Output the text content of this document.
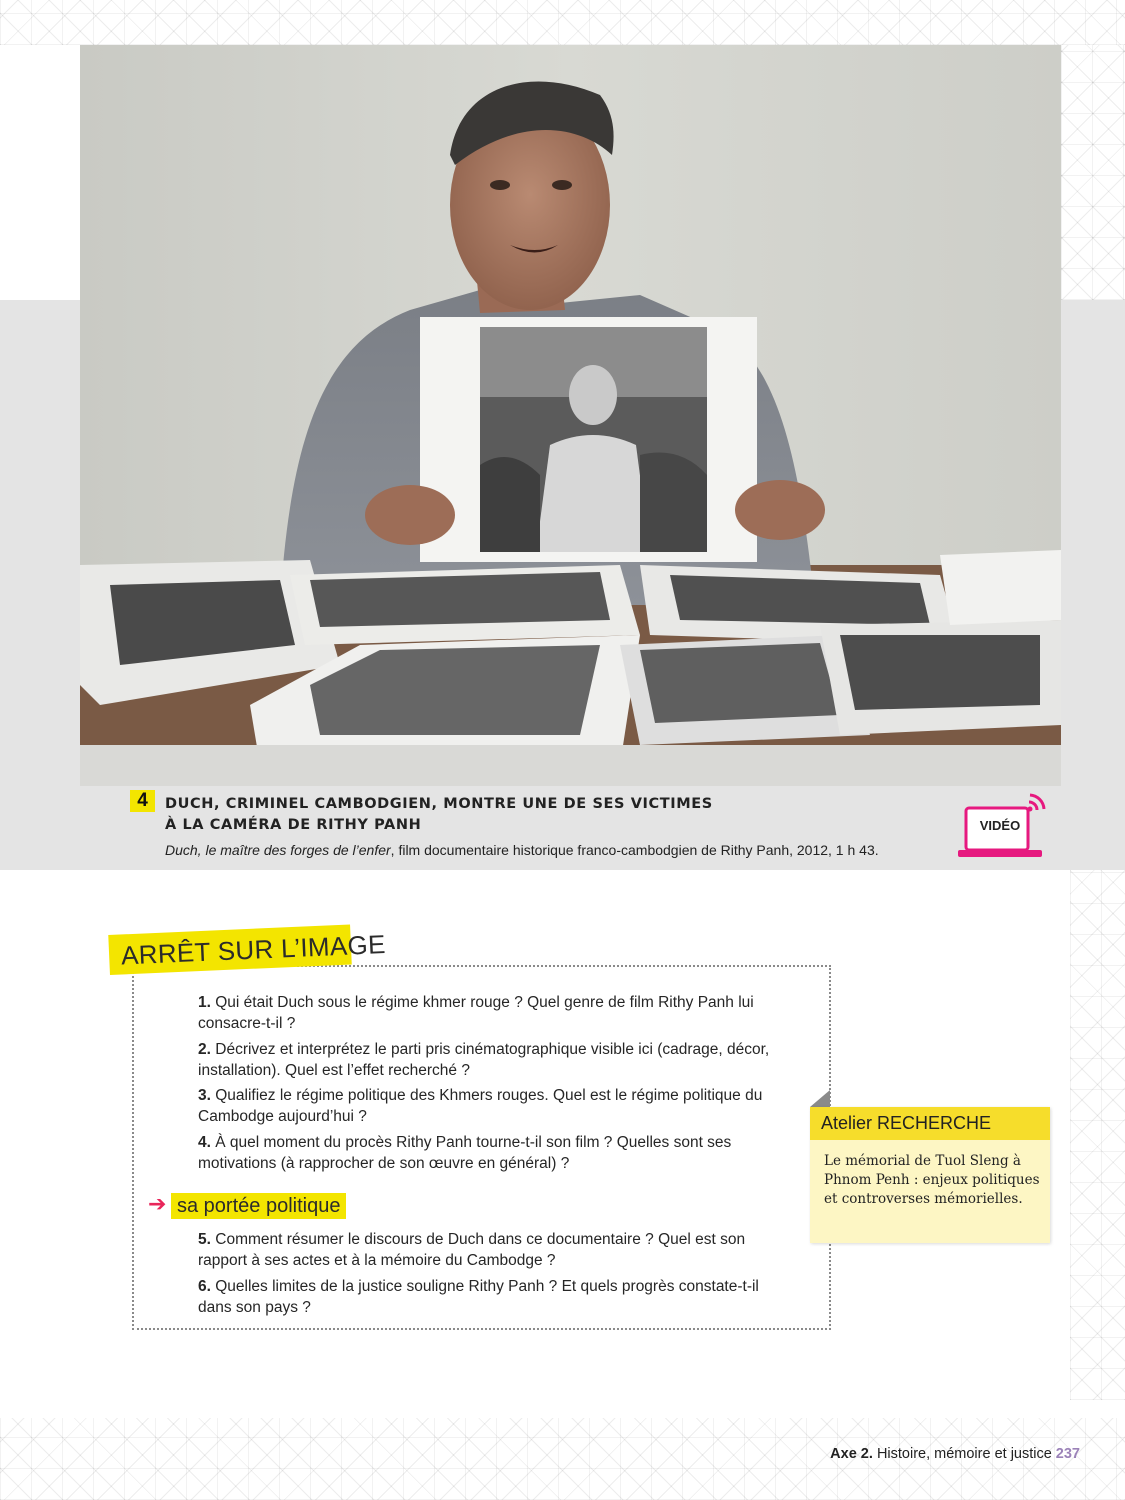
4	DUCH, CRIMINEL CAMBODGIEN, MONTRE UNE DE SES VICTIMES
À LA CAMÉRA DE RITHY PANH
Duch, le maître des forges de l’enfer, film documentaire historique franco-cambodgien de Rithy Panh, 2012, 1 h 43.
VIDÉO
ARRÊT SUR L’IMAGE
1. Qui était Duch sous le régime khmer rouge ? Quel genre de film Rithy Panh lui consacre-t-il ?
2. Décrivez et interprétez le parti pris cinématographique visible ici (cadrage, décor, installation). Quel est l’effet recherché ?
3. Qualifiez le régime politique des Khmers rouges. Quel est le régime politique du Cambodge aujourd’hui ?
4. À quel moment du procès Rithy Panh tourne-t-il son film ? Quelles sont ses motivations (à rapprocher de son œuvre en général) ?
➔ sa portée politique
5. Comment résumer le discours de Duch dans ce documentaire ? Quel est son rapport à ses actes et à la mémoire du Cambodge ?
6. Quelles limites de la justice souligne Rithy Panh ? Et quels progrès constate-t-il dans son pays ?
Atelier RECHERCHE
Le mémorial de Tuol Sleng à Phnom Penh : enjeux politiques et controverses mémorielles.
Axe 2. Histoire, mémoire et justice 237
